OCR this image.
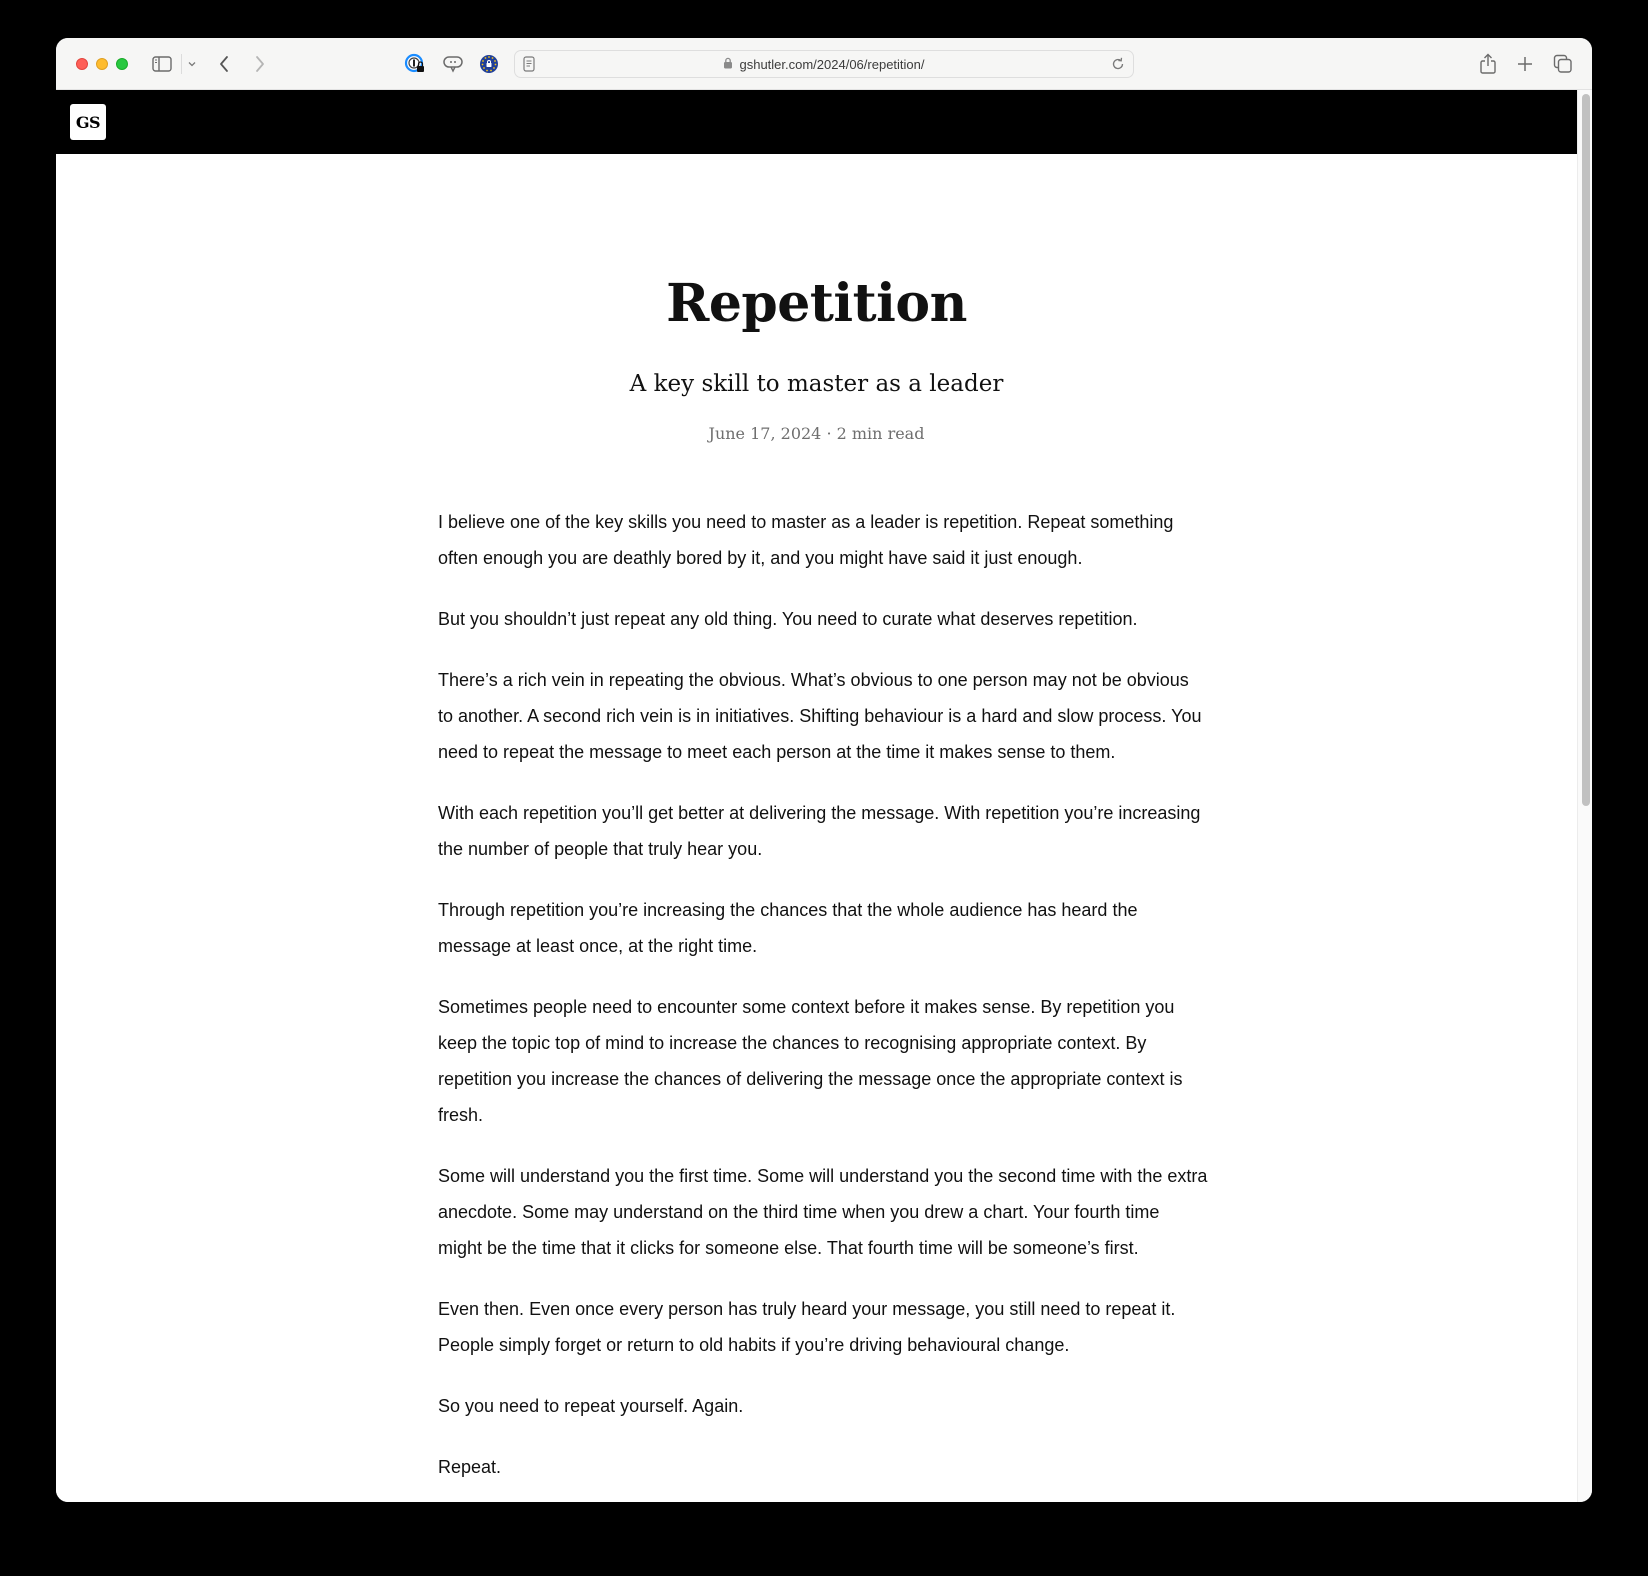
gshutler.com/2024/06/repetition/
GS
Repetition
A key skill to master as a leader
June 17, 2024 · 2 min read

I believe one of the key skills you need to master as a leader is repetition. Repeat something often enough you are deathly bored by it, and you might have said it just enough.

But you shouldn’t just repeat any old thing. You need to curate what deserves repetition.

There’s a rich vein in repeating the obvious. What’s obvious to one person may not be obvious to another. A second rich vein is in initiatives. Shifting behaviour is a hard and slow process. You need to repeat the message to meet each person at the time it makes sense to them.

With each repetition you’ll get better at delivering the message. With repetition you’re increasing the number of people that truly hear you.

Through repetition you’re increasing the chances that the whole audience has heard the message at least once, at the right time.

Sometimes people need to encounter some context before it makes sense. By repetition you keep the topic top of mind to increase the chances to recognising appropriate context. By repetition you increase the chances of delivering the message once the appropriate context is fresh.

Some will understand you the first time. Some will understand you the second time with the extra anecdote. Some may understand on the third time when you drew a chart. Your fourth time might be the time that it clicks for someone else. That fourth time will be someone’s first.

Even then. Even once every person has truly heard your message, you still need to repeat it. People simply forget or return to old habits if you’re driving behavioural change.

So you need to repeat yourself. Again.

Repeat.
